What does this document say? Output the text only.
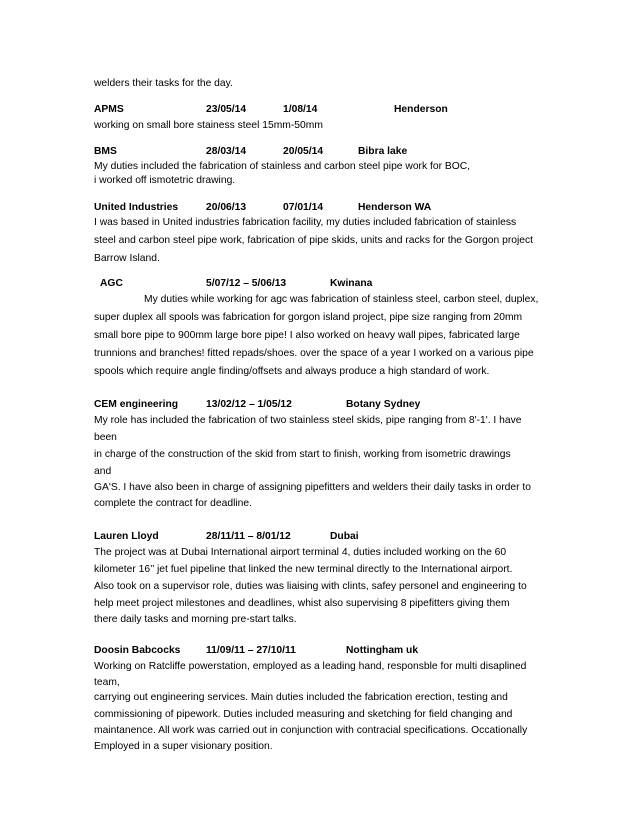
welders their tasks for the day.
APMS	23/05/14	1/08/14	Henderson
working on small bore stainess steel 15mm-50mm
BMS	28/03/14	20/05/14	Bibra lake
My duties included the fabrication of stainless and carbon steel pipe work for BOC,
i worked off ismotetric drawing.
United Industries	20/06/13	07/01/14	Henderson WA
I was based in United industries fabrication facility, my duties included fabrication of stainless
steel and carbon steel pipe work, fabrication of pipe skids, units and racks for the Gorgon project
Barrow Island.
AGC	5/07/12 – 5/06/13	Kwinana
My duties while working for agc was fabrication of stainless steel, carbon steel, duplex,
super duplex all spools was fabrication for gorgon island project, pipe size ranging from 20mm
small bore pipe to 900mm large bore pipe! I also worked on heavy wall pipes, fabricated large
trunnions and branches! fitted repads/shoes. over the space of a year I worked on a various pipe
spools which require angle finding/offsets and always produce a high standard of work.
CEM engineering	13/02/12 – 1/05/12	Botany Sydney
My role has included the fabrication of two stainless steel skids, pipe ranging from 8'-1'. I have
been
in charge of the construction of the skid from start to finish, working from isometric drawings
and
GA'S. I have also been in charge of assigning pipefitters and welders their daily tasks in order to
complete the contract for deadline.
Lauren Lloyd	28/11/11 – 8/01/12	Dubai
The project was at Dubai International airport terminal 4, duties included working on the 60
kilometer 16’’ jet fuel pipeline that linked the new terminal directly to the International airport.
Also took on a supervisor role, duties was liaising with clints, safey personel and engineering to
help meet project milestones and deadlines, whist also supervising 8 pipefitters giving them
there daily tasks and morning pre-start talks.
Doosin Babcocks 11/09/11 – 27/10/11	Nottingham uk
Working on Ratcliffe powerstation, employed as a leading hand, responsble for multi disaplined
team,
carrying out engineering services. Main duties included the fabrication erection, testing and
commissioning of pipework. Duties included measuring and sketching for field changing and
maintanence. All work was carried out in conjunction with contracial specifications. Occationally
Employed in a super visionary position.
